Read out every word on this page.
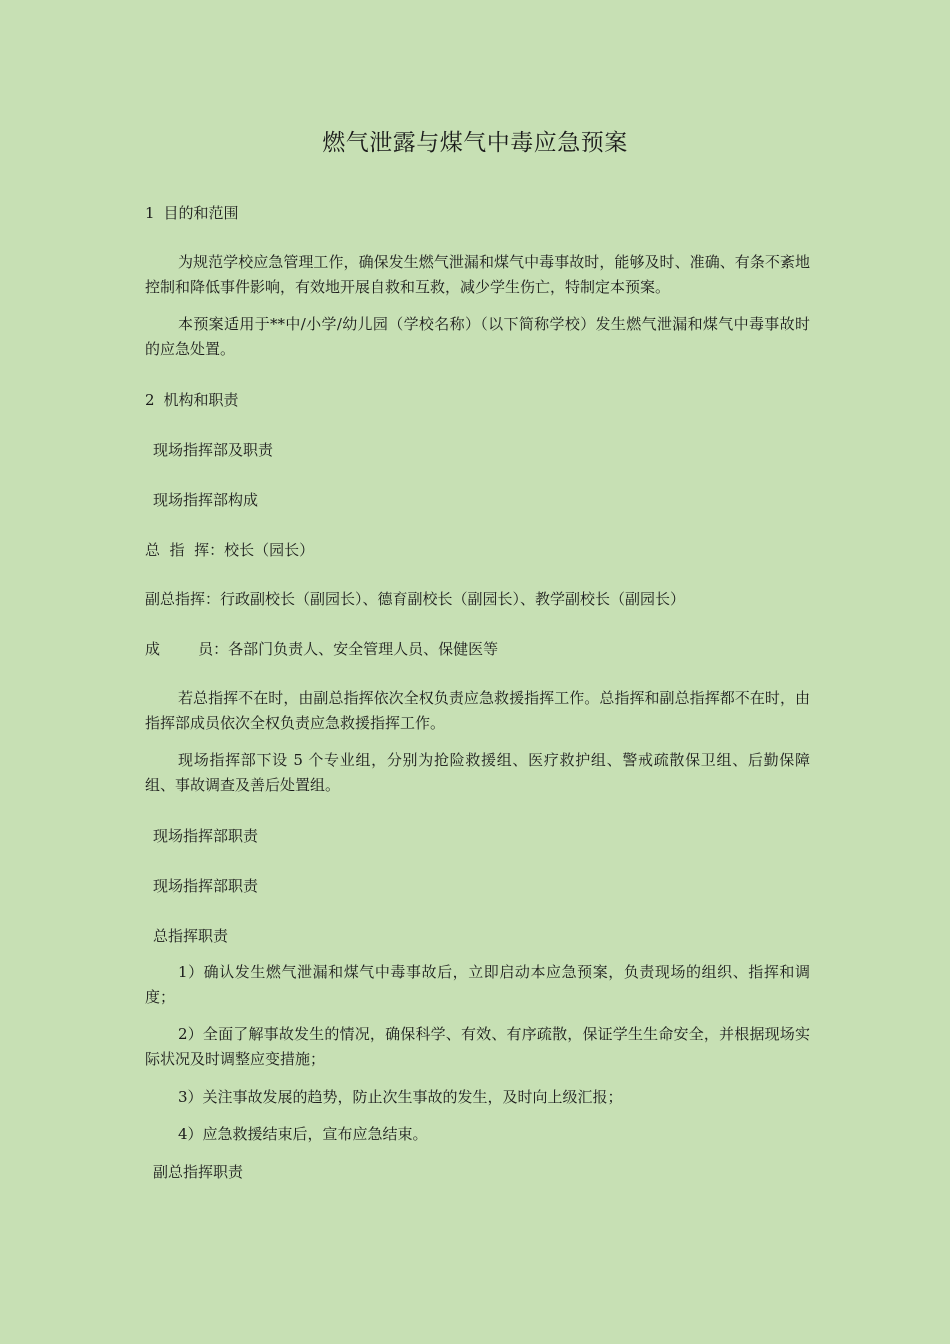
燃气泄露与煤气中毒应急预案
1 目的和范围
为规范学校应急管理工作，确保发生燃气泄漏和煤气中毒事故时，能够及时、准确、有条不紊地控制和降低事件影响，有效地开展自救和互救，减少学生伤亡，特制定本预案。
本预案适用于**中/小学/幼儿园（学校名称）（以下简称学校）发生燃气泄漏和煤气中毒事故时的应急处置。
2 机构和职责
现场指挥部及职责
现场指挥部构成
总  指  挥：校长（园长）
副总指挥：行政副校长（副园长）、德育副校长（副园长）、教学副校长（副园长）
成        员：各部门负责人、安全管理人员、保健医等
若总指挥不在时，由副总指挥依次全权负责应急救援指挥工作。总指挥和副总指挥都不在时，由指挥部成员依次全权负责应急救援指挥工作。
现场指挥部下设 5 个专业组，分别为抢险救援组、医疗救护组、警戒疏散保卫组、后勤保障组、事故调查及善后处置组。
现场指挥部职责
现场指挥部职责
总指挥职责
1）确认发生燃气泄漏和煤气中毒事故后，立即启动本应急预案，负责现场的组织、指挥和调度；
2）全面了解事故发生的情况，确保科学、有效、有序疏散，保证学生生命安全，并根据现场实际状况及时调整应变措施；
3）关注事故发展的趋势，防止次生事故的发生，及时向上级汇报；
4）应急救援结束后，宣布应急结束。
副总指挥职责
